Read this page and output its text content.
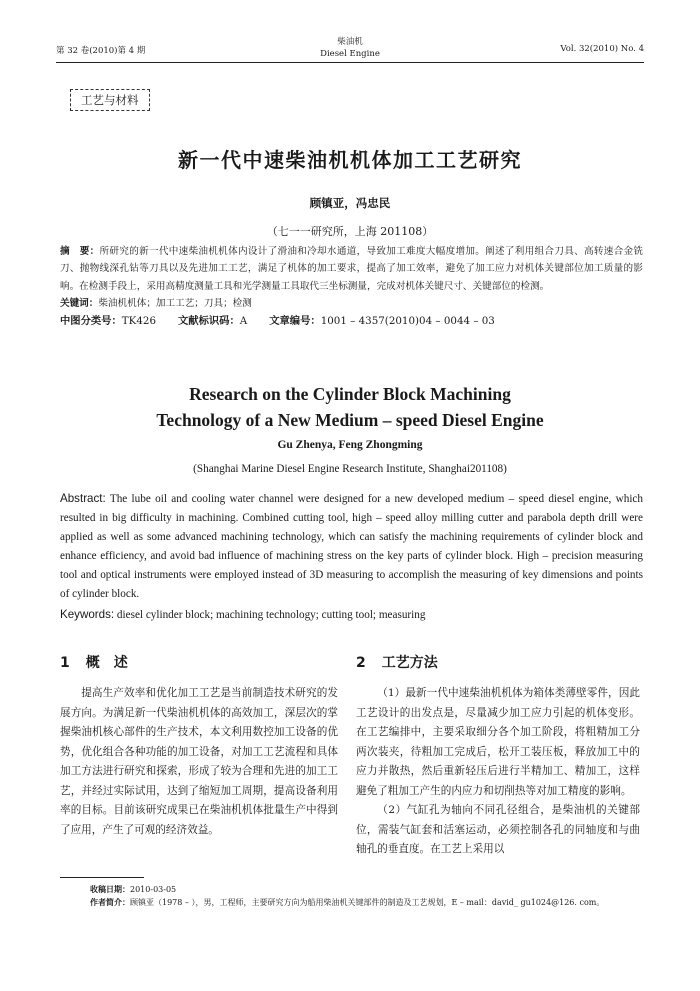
第 32 卷(2010)第 4 期
柴油机
Diesel Engine	Vol. 32(2010) No. 4
工艺与材料
新一代中速柴油机机体加工工艺研究
顾镇亚，冯忠民
（七一一研究所，上海 201108）
摘　要：所研究的新一代中速柴油机机体内设计了滑油和冷却水通道，导致加工难度大幅度增加。阐述了利用组合刀具、高转速合金铣刀、抛物线深孔钻等刀具以及先进加工工艺，满足了机体的加工要求，提高了加工效率，避免了加工应力对机体关键部位加工质量的影响。在检测手段上，采用高精度测量工具和光学测量工具取代三坐标测量，完成对机体关键尺寸、关键部位的检测。
关键词：柴油机机体；加工工艺；刀具；检测
中图分类号：TK426 文献标识码：A 文章编号：1001 – 4357(2010)04 – 0044 – 03
Research on the Cylinder Block Machining
Technology of a New Medium – speed Diesel Engine
Gu Zhenya, Feng Zhongming
(Shanghai Marine Diesel Engine Research Institute, Shanghai201108)
Abstract: The lube oil and cooling water channel were designed for a new developed medium – speed diesel engine, which resulted in big difficulty in machining. Combined cutting tool, high – speed alloy milling cutter and parabola depth drill were applied as well as some advanced machining technology, which can satisfy the machining requirements of cylinder block and enhance efficiency, and avoid bad influence of machining stress on the key parts of cylinder block. High – precision measuring tool and optical instruments were employed instead of 3D measuring to accomplish the measuring of key dimensions and points of cylinder block.
Keywords: diesel cylinder block; machining technology; cutting tool; measuring
1 概　述	2 工艺方法

提高生产效率和优化加工工艺是当前制造技术研究的发展方向。为满足新一代柴油机机体的高效加工，深层次的掌握柴油机核心部件的生产技术，本文利用数控加工设备的优势，优化组合各种功能的加工设备，对加工工艺流程和具体加工方法进行研究和探索，形成了较为合理和先进的加工工艺，并经过实际试用，达到了缩短加工周期，提高设备利用率的目标。目前该研究成果已在柴油机机体批量生产中得到了应用，产生了可观的经济效益。

（1）最新一代中速柴油机机体为箱体类薄壁零件，因此工艺设计的出发点是，尽量减少加工应力引起的机体变形。在工艺编排中，主要采取细分各个加工阶段，将粗精加工分两次装夹，待粗加工完成后，松开工装压板，释放加工中的应力并散热，然后重新轻压后进行半精加工、精加工，这样避免了粗加工产生的内应力和切削热等对加工精度的影响。

（2）气缸孔为轴向不同孔径组合，是柴油机的关键部位，需装气缸套和活塞运动，必须控制各孔的同轴度和与曲轴孔的垂直度。在工艺上采用以

收稿日期：2010-03-05
作者简介：顾镇亚（1978 – ），男，工程师，主要研究方向为船用柴油机关键部件的制造及工艺规划，E – mail：david_ gu1024@126. com。
